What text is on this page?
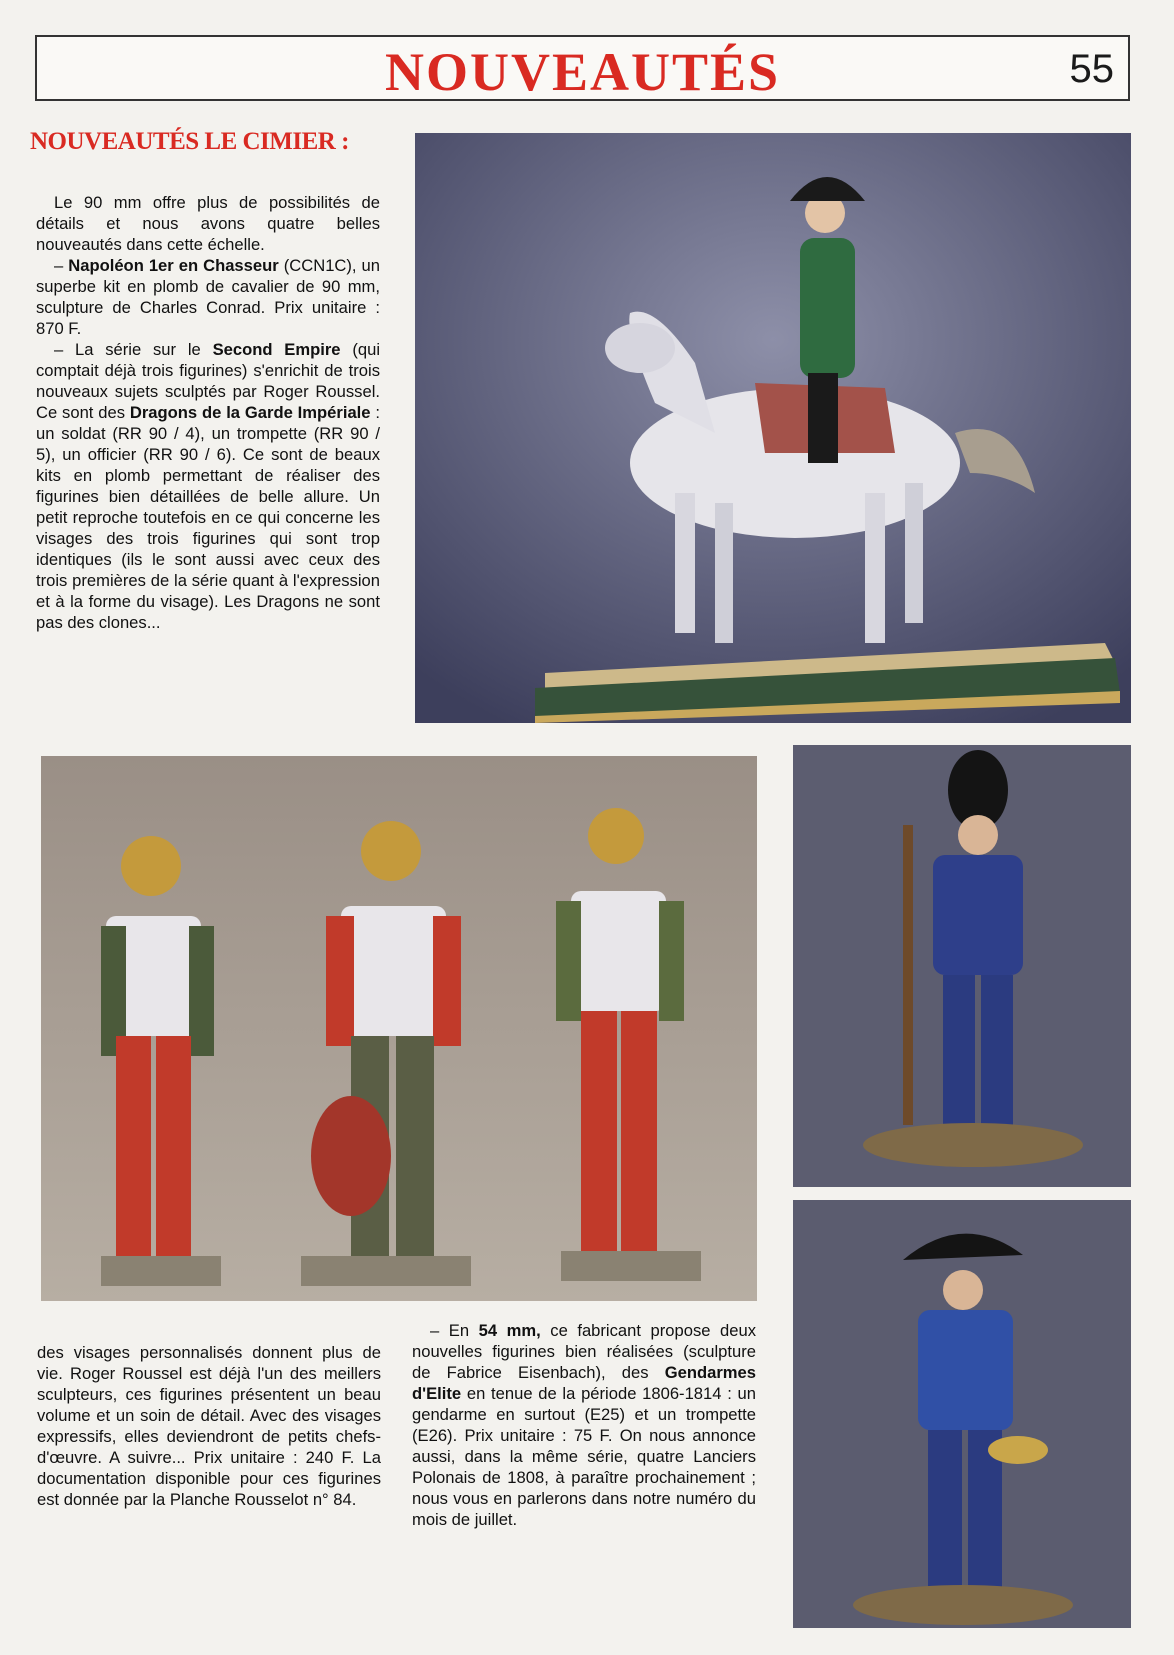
NOUVEAUTÉS	55
NOUVEAUTÉS LE CIMIER :

Le 90 mm offre plus de possibilités de détails et nous avons quatre belles nouveautés dans cette échelle.

– Napoléon 1er en Chasseur (CCN1C), un superbe kit en plomb de cavalier de 90 mm, sculpture de Charles Conrad. Prix unitaire : 870 F.

– La série sur le Second Empire (qui comptait déjà trois figurines) s'enrichit de trois nouveaux sujets sculptés par Roger Roussel. Ce sont des Dragons de la Garde Impériale : un soldat (RR 90 / 4), un trompette (RR 90 / 5), un officier (RR 90 / 6). Ce sont de beaux kits en plomb permettant de réaliser des figurines bien détaillées de belle allure. Un petit reproche toutefois en ce qui concerne les visages des trois figurines qui sont trop identiques (ils le sont aussi avec ceux des trois premières de la série quant à l'expression et à la forme du visage). Les Dragons ne sont pas des clones...

des visages personnalisés donnent plus de vie. Roger Roussel est déjà l'un des meillers sculpteurs, ces figurines présentent un beau volume et un soin de détail. Avec des visages expressifs, elles deviendront de petits chefs-d'œuvre. A suivre... Prix unitaire : 240 F. La documentation disponible pour ces figurines est donnée par la Planche Rousselot n° 84.

– En 54 mm, ce fabricant propose deux nouvelles figurines bien réalisées (sculpture de Fabrice Eisenbach), des Gendarmes d'Elite en tenue de la période 1806-1814 : un gendarme en surtout (E25) et un trompette (E26). Prix unitaire : 75 F. On nous annonce aussi, dans la même série, quatre Lanciers Polonais de 1808, à paraître prochainement ; nous vous en parlerons dans notre numéro du mois de juillet.
